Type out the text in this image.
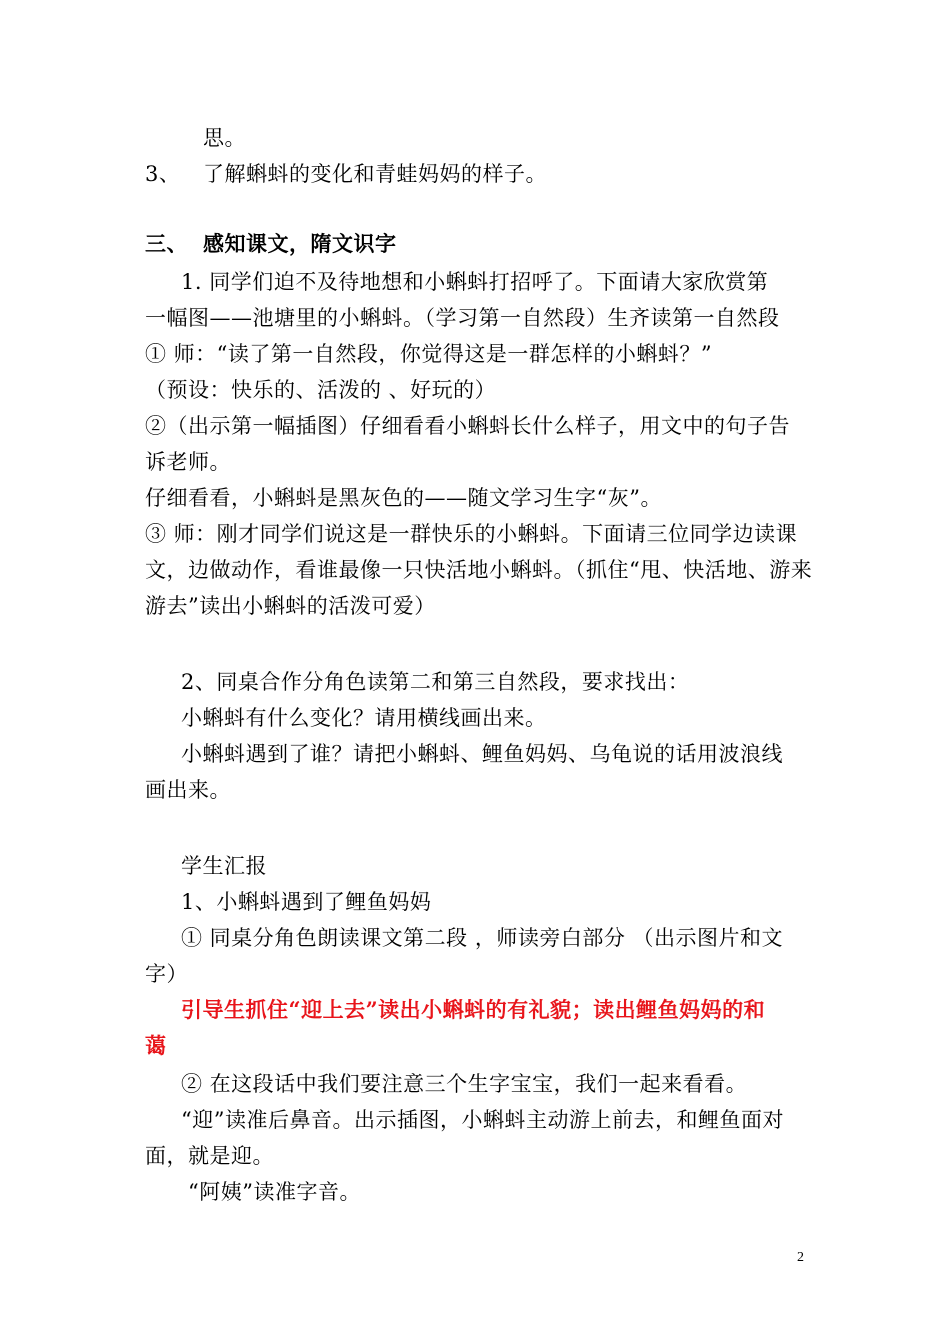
思。
3、 了解蝌蚪的变化和青蛙妈妈的样子。
三、 感知课文，隋文识字
1. 同学们迫不及待地想和小蝌蚪打招呼了。下面请大家欣赏第
一幅图——池塘里的小蝌蚪。（学习第一自然段）生齐读第一自然段
① 师：“读了第一自然段，你觉得这是一群怎样的小蝌蚪？”
（预设：快乐的、活泼的 、好玩的）
②（出示第一幅插图）仔细看看小蝌蚪长什么样子，用文中的句子告
诉老师。
仔细看看，小蝌蚪是黑灰色的——随文学习生字“灰”。
③ 师：刚才同学们说这是一群快乐的小蝌蚪。下面请三位同学边读课
文，边做动作，看谁最像一只快活地小蝌蚪。（抓住“甩、快活地、游来
游去”读出小蝌蚪的活泼可爱）
2、同桌合作分角色读第二和第三自然段，要求找出：
小蝌蚪有什么变化？请用横线画出来。
小蝌蚪遇到了谁？请把小蝌蚪、鲤鱼妈妈、乌龟说的话用波浪线
画出来。
学生汇报
1、小蝌蚪遇到了鲤鱼妈妈
① 同桌分角色朗读课文第二段 ，师读旁白部分 （出示图片和文
字）
引导生抓住“迎上去”读出小蝌蚪的有礼貌；读出鲤鱼妈妈的和
蔼
② 在这段话中我们要注意三个生字宝宝，我们一起来看看。
“迎”读准后鼻音。出示插图，小蝌蚪主动游上前去，和鲤鱼面对
面，就是迎。
“阿姨”读准字音。
2
